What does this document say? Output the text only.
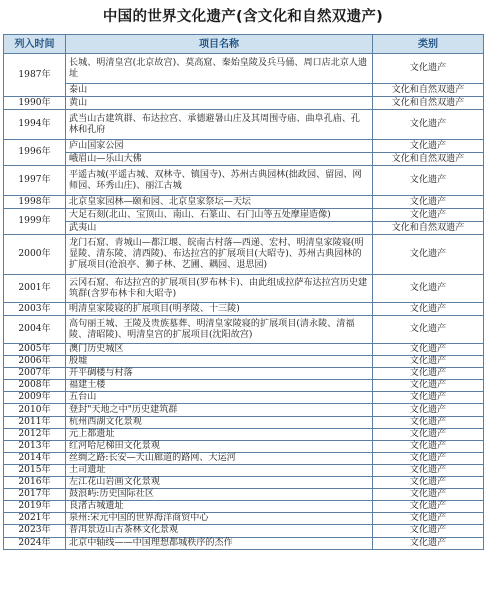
中国的世界文化遗产(含文化和自然双遗产)
列入时间	项目名称	类别
1987年	长城、明清皇宫(北京故宫)、莫高窟、秦始皇陵及兵马俑、周口店北京人遗址	文化遗产
	泰山	文化和自然双遗产
1990年	黄山	文化和自然双遗产
1994年	武当山古建筑群、布达拉宫、承德避暑山庄及其周围寺庙、曲阜孔庙、孔林和孔府	文化遗产
1996年	庐山国家公园	文化遗产
	峨眉山—乐山大佛	文化和自然双遗产
1997年	平遥古城(平遥古城、双林寺、镇国寺)、苏州古典园林(拙政园、留园、网师园、环秀山庄)、丽江古城	文化遗产
1998年	北京皇家园林—颐和园、北京皇家祭坛—天坛	文化遗产
1999年	大足石刻(北山、宝顶山、南山、石篆山、石门山等五处摩崖造像)	文化遗产
	武夷山	文化和自然双遗产
2000年	龙门石窟、青城山—都江堰、皖南古村落—西递、宏村、明清皇家陵寝(明显陵、清东陵、清西陵)、布达拉宫的扩展项目(大昭寺)、苏州古典园林的扩展项目(沧浪亭、狮子林、艺圃、耦园、退思园)	文化遗产
2001年	云冈石窟、布达拉宫的扩展项目(罗布林卡)、由此组成拉萨布达拉宫历史建筑群(含罗布林卡和大昭寺)	文化遗产
2003年	明清皇家陵寝的扩展项目(明孝陵、十三陵)	文化遗产
2004年	高句丽王城、王陵及贵族墓葬、明清皇家陵寝的扩展项目(清永陵、清福陵、清昭陵)、明清皇宫的扩展项目(沈阳故宫)	文化遗产
2005年	澳门历史城区	文化遗产
2006年	殷墟	文化遗产
2007年	开平碉楼与村落	文化遗产
2008年	福建土楼	文化遗产
2009年	五台山	文化遗产
2010年	登封"天地之中"历史建筑群	文化遗产
2011年	杭州西湖文化景观	文化遗产
2012年	元上都遗址	文化遗产
2013年	红河哈尼梯田文化景观	文化遗产
2014年	丝绸之路:长安—天山廊道的路网、大运河	文化遗产
2015年	土司遗址	文化遗产
2016年	左江花山岩画文化景观	文化遗产
2017年	鼓浪屿:历史国际社区	文化遗产
2019年	良渚古城遗址	文化遗产
2021年	泉州:宋元中国的世界海洋商贸中心	文化遗产
2023年	普洱景迈山古茶林文化景观	文化遗产
2024年	北京中轴线——中国理想都城秩序的杰作	文化遗产
